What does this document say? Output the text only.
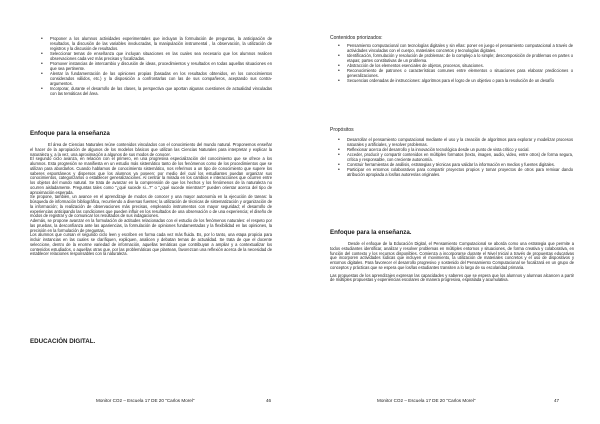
• Proponer a los alumnos actividades experimentales que incluyan la formulación de preguntas, la anticipación de resultados, la discusión de las variables involucradas, la manipulación instrumental , la observación, la utilización de registros y la discusión de resultados.
• Seleccionar temas de enseñanza que incluyan situaciones en las cuales sea necesario que los alumnos realicen observaciones cada vez más precisas y focalizadas.
• Promover instancias de intercambio y discusión de ideas, procedimientos y resultados en todas aquellas situaciones en que sea pertinente.
• Alentar la fundamentación de las opiniones propias (basadas en los resultados obtenidos, en los conocimientos considerados válidos, etc.) y la disposición a confrontarlas con las de sus compañeros, aceptando sus contra-argumentos.
• Incorporar, durante el desarrollo de las clases, la perspectiva que aportan algunas cuestiones de actualidad vinculadas con las temáticas del área.
Enfoque para la enseñanza

El área de Ciencias Naturales reúne contenidos vinculados con el conocimiento del mundo natural. Proponemos enseñar el hacer de la apropiación de algunos de los modelos básicos que utilizan las Ciencias Naturales para interpretar y explicar la naturaleza y, a la vez, una aproximación a algunos de sus modos de conocer.

El segundo ciclo avanza, en relación con el primero, en una progresiva especialización del conocimiento que se ofrece a los alumnos. Esta progresión se manifiesta en un estudio más sistemático tanto de los fenómenos como de los procedimientos que se utilizan para abordarlos. Cuando hablamos de conocimiento sistemático, nos referimos a un tipo de conocimiento que supere los saberes espontáneos y dispersos que los alumnos ya poseen; por medio del cual los estudiantes puedan organizar sus conocimientos, categorizarlos o establecer generalizaciones. Al centrar la mirada en los cambios e interacciones que ocurren entre los objetos del mundo natural. Se trata de avanzar en la comprensión de que los hechos y los fenómenos de la naturaleza no ocurren aisladamente. Preguntas tales como "¿qué sucede si...?" o "¿qué sucede mientras?" pueden orientar acerca del tipo de aproximación esperada.

Se propone, también, un avance en el aprendizaje de modos de conocer y una mayor autonomía en la ejecución de tareas: la búsqueda de información bibliográfica, recurriendo a diversas fuentes; la utilización de técnicas de sistematización y organización de la información; la realización de observaciones más precisas, empleando instrumentos con mayor seguridad; el desarrollo de experiencias anticipando las condiciones que pueden influir en los resultados de una observación o de una experiencia; el diseño de modos de registrar y de comunicar los resultados de sus indagaciones.

Además, se propone avanzar en la formulación de actitudes relacionadas con el estudio de los fenómenos naturales: el respeto por las pruebas, la desconfianza ante las apariencias, la formulación de opiniones fundamentadas y la flexibilidad en las opiniones, la precisión en la formulación de preguntas.

Los alumnos que cursan el segundo ciclo leen y escriben en forma cada vez más fluida. Es, por lo tanto, una etapa propicia para incluir instancias en las cuales se clarifiquen, expliquen, analicen y debatan temas de actualidad. Se trata de que el docente seleccione, dentro de la enorme variedad de información, aquellas temáticas que contribuyan a ampliar y a contextualizar los contenidos estudiados, o aquellas otras que, por las problemáticas que plantean, favorezcan una reflexión acerca de la necesidad de establecer relaciones responsables con la naturaleza.

EDUCACIÓN DIGITAL.
Monitor CO2 – Escuela 17 DE 20 "Carlos Morel"	46
Contenidos priorizados:
• Pensamiento computacional con tecnologías digitales y sin ellas: poner en juego el pensamiento computacional a través de actividades vinculadas con el cuerpo, materiales concretos y tecnologías digitales.
• Identificación, formulación y resolución de problemas: de lo complejo a lo simple; descomposición de problemas en partes o etapas; partes constitutivas de un problema.
• Abstracción de los elementos esenciales de objetos, procesos, situaciones.
• Reconocimiento de patrones o características comunes entre elementos o situaciones para elaborar predicciones o generalizaciones.
• Secuencias ordenadas de instrucciones: algoritmos para el logro de un objetivo o para la resolución de un desafío
Propósitos
• Desarrollar el pensamiento computacional mediante el uso y la creación de algoritmos para explorar y modelizar procesos naturales y artificiales, y resolver problemas.
• Reflexionar acerca del desarrollo y la innovación tecnológica desde un punto de vista crítico y social.
• Acceder, producir y compartir contenidos en múltiples formatos (texto, imagen, audio, video, entre otros) de forma segura, crítica y responsable, con creciente autonomía.
• Construir herramientas de análisis, estrategias y técnicas para validar la información en medios y fuentes digitales.
• Participar en entornos colaborativos para compartir proyectos propios y tomar proyectos de otros para remixar dando atribución apropiada a los/las autores/as originales.
Enfoque para la enseñanza.

Desde el enfoque de la Educación Digital, el Pensamiento Computacional se aborda como una estrategia que permite a todos estudiantes identificar, analizar y resolver problemas en múltiples entornos y situaciones, de forma creativa y colaborativa, en función del contexto y los recursos disponibles. Comienza a incorporarse durante el Nivel Inicial a través de propuestas educativas que incorporen actividades lúdicas que incluyen el movimiento, la utilización de materiales concretos y el uso de dispositivos y entornos digitales. Para favorecer el desarrollo progresivo y sostenido del Pensamiento Computacional se focalizará en un grupo de conceptos y prácticas que se espera que los/las estudiantes transiten a lo largo de su escolaridad primaria.

Las propuestas de los aprendizajes expresan las capacidades y saberes que se espera que los alumnos y alumnas alcancen a partir de múltiples propuestas y experiencias escolares de manera progresiva, espiralada y acumulativa.

Monitor CO2 – Escuela 17 DE 20 "Carlos Morel"	47
